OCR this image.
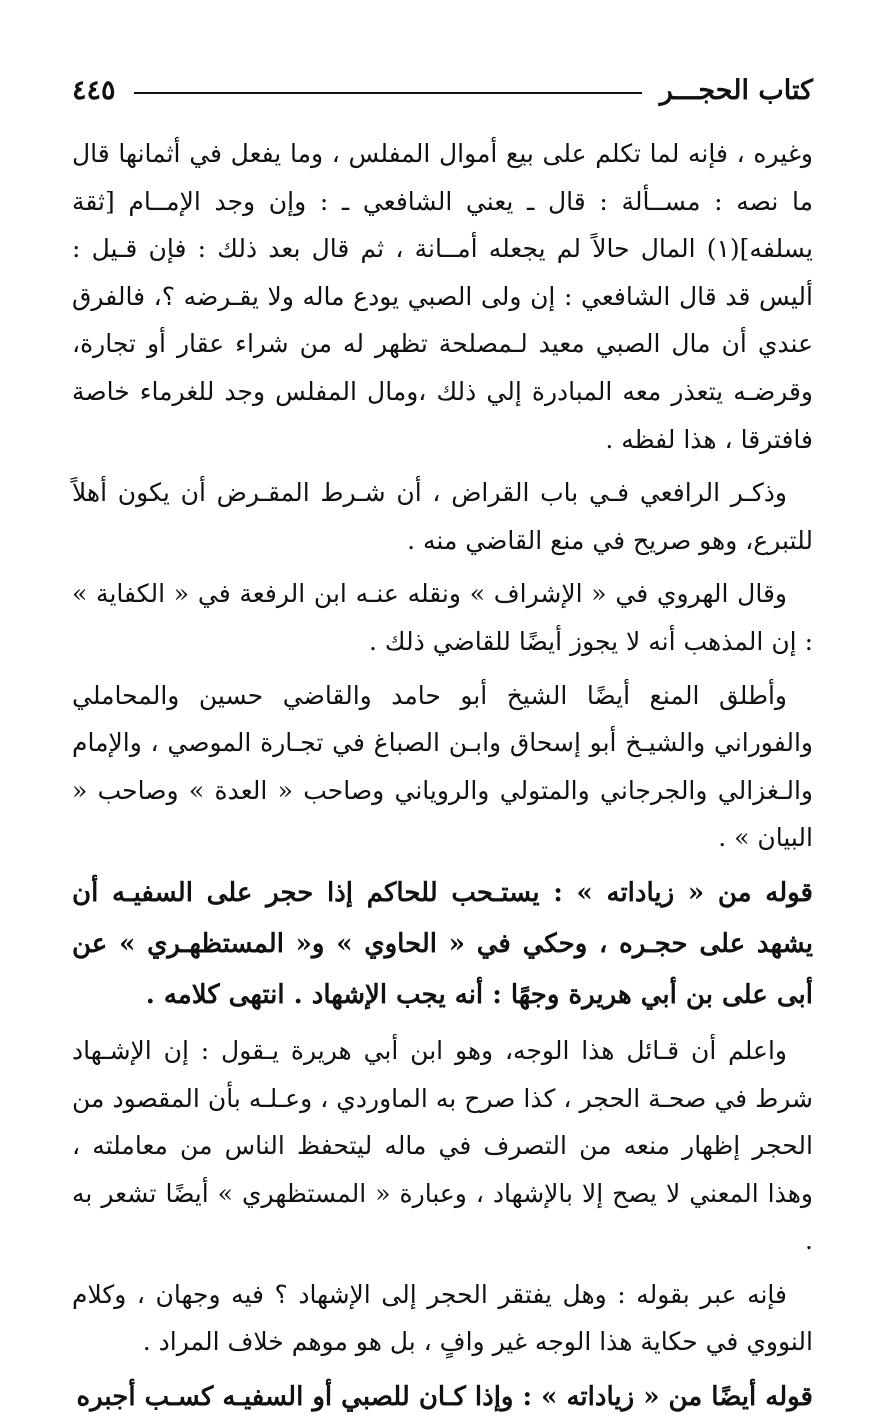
كتاب الحجـــر
٤٤٥

وغيره ، فإنه لما تكلم على بيع أموال المفلس ، وما يفعل في أثمانها قال ما نصه : مســألة : قال ـ يعني الشافعي ـ : وإن وجد الإمــام [ثقة يسلفه](١) المال حالاً لم يجعله أمــانة ، ثم قال بعد ذلك : فإن قـيل : أليس قد قال الشافعي : إن ولى الصبي يودع ماله ولا يقـرضه ؟، فالفرق عندي أن مال الصبي معيد لـمصلحة تظهر له من شراء عقار أو تجارة، وقرضـه يتعذر معه المبادرة إلي ذلك ،ومال المفلس وجد للغرماء خاصة فافترقا ، هذا لفظه .

وذكـر الرافعي فـي باب القراض ، أن شـرط المقـرض أن يكون أهلاً للتبرع، وهو صريح في منع القاضي منه .

وقال الهروي في « الإشراف » ونقله عنـه ابن الرفعة في « الكفاية » : إن المذهب أنه لا يجوز أيضًا للقاضي ذلك .

وأطلق المنع أيضًا الشيخ أبو حامد والقاضي حسين والمحاملي والفوراني والشيـخ أبو إسحاق وابـن الصباغ في تجـارة الموصي ، والإمام والـغزالي والجرجاني والمتولي والروياني وصاحب « العدة » وصاحب « البيان » .

قوله من « زياداته » : يستـحب للحاكم إذا حجر على السفيـه أن يشهد على حجـره ، وحكي في « الحاوي » و« المستظهـري » عن أبى على بن أبي هريرة وجهًا : أنه يجب الإشهاد . انتهى كلامه .

واعلم أن قـائل هذا الوجه، وهو ابن أبي هريرة يـقول : إن الإشـهاد شرط في صحـة الحجر ، كذا صرح به الماوردي ، وعـلـه بأن المقصود من الحجر إظهار منعه من التصرف في ماله ليتحفظ الناس من معاملته ، وهذا المعني لا يصح إلا بالإشهاد ، وعبارة « المستظهري » أيضًا تشعر به .

فإنه عبر بقوله : وهل يفتقر الحجر إلى الإشهاد ؟ فيه وجهان ، وكلام النووي في حكاية هذا الوجه غير وافٍ ، بل هو موهم خلاف المراد .

قوله أيضًا من « زياداته » : وإذا كـان للصبي أو السفيـه كسـب أجبره
